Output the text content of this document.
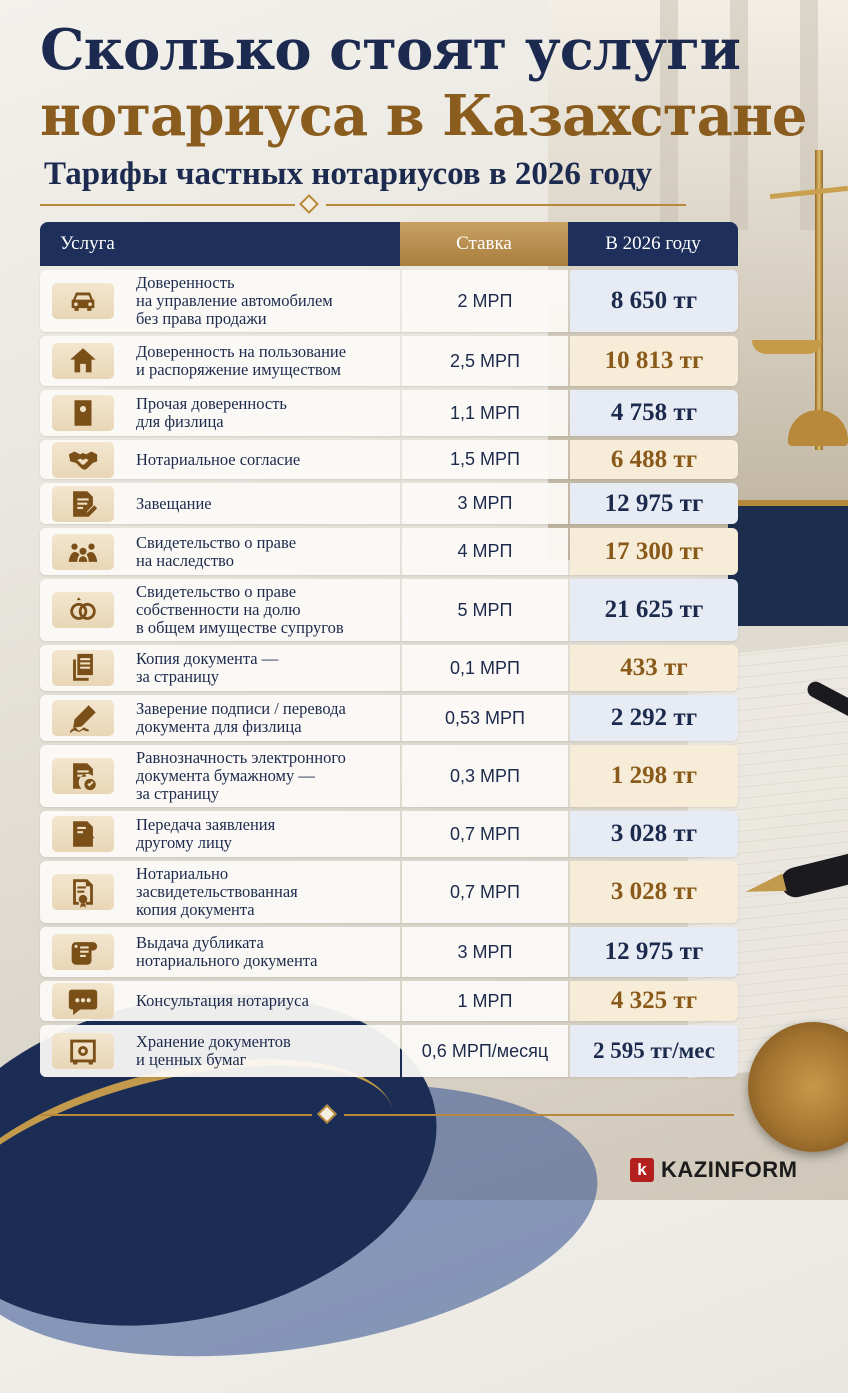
Сколько стоят услуги
нотариуса в Казахстане
Тарифы частных нотариусов в 2026 году
Услуга	Ставка	В 2026 году
Доверенность
на управление автомобилем
без права продажи
2 МРП	8 650 тг
Доверенность на пользование
и распоряжение имуществом	2,5 МРП	10 813 тг
Прочая доверенность
для физлица	1,1 МРП	4 758 тг
Нотариальное согласие	1,5 МРП	6 488 тг
Завещание	3 МРП	12 975 тг
Свидетельство о праве
на наследство	4 МРП	17 300 тг
Свидетельство о праве
собственности на долю
в общем имуществе супругов
5 МРП	21 625 тг
Копия документа —
за страницу	0,1 МРП	433 тг
Заверение подписи / перевода
документа для физлица	0,53 МРП	2 292 тг
Равнозначность электронного
документа бумажному —
за страницу
0,3 МРП	1 298 тг
Передача заявления
другому лицу	0,7 МРП	3 028 тг
Нотариально
засвидетельствованная
копия документа
0,7 МРП	3 028 тг
Выдача дубликата
нотариального документа	3 МРП	12 975 тг
Консультация нотариуса	1 МРП	4 325 тг
Хранение документов
и ценных бумаг	0,6 МРП/месяц	2 595 тг/мес
k KAZINFORM
